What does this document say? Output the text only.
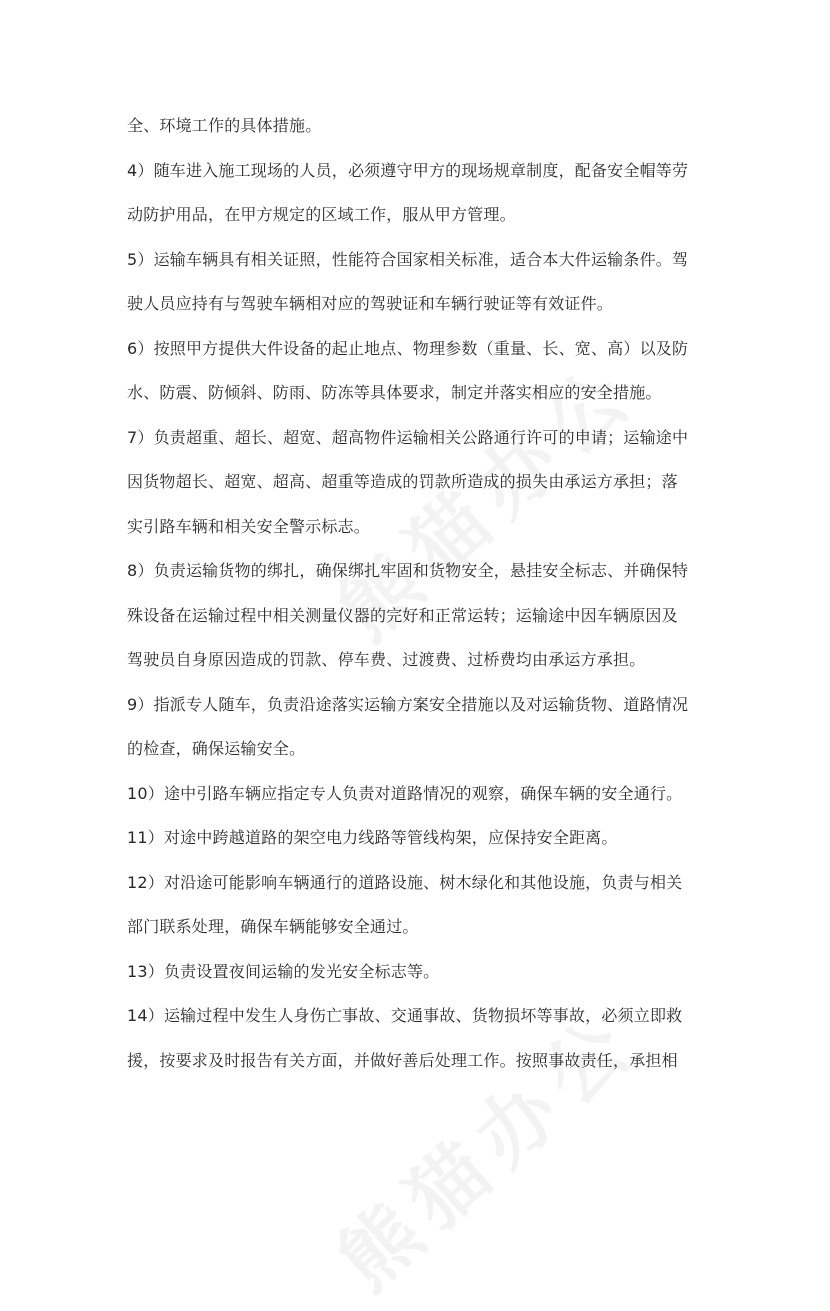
全、环境工作的具体措施。
4）随车进入施工现场的人员，必须遵守甲方的现场规章制度，配备安全帽等劳
动防护用品，在甲方规定的区域工作，服从甲方管理。
5）运输车辆具有相关证照，性能符合国家相关标准，适合本大件运输条件。驾
驶人员应持有与驾驶车辆相对应的驾驶证和车辆行驶证等有效证件。
6）按照甲方提供大件设备的起止地点、物理参数（重量、长、宽、高）以及防
水、防震、防倾斜、防雨、防冻等具体要求，制定并落实相应的安全措施。
7）负责超重、超长、超宽、超高物件运输相关公路通行许可的申请；运输途中
因货物超长、超宽、超高、超重等造成的罚款所造成的损失由承运方承担；落
实引路车辆和相关安全警示标志。
8）负责运输货物的绑扎，确保绑扎牢固和货物安全，悬挂安全标志、并确保特
殊设备在运输过程中相关测量仪器的完好和正常运转；运输途中因车辆原因及
驾驶员自身原因造成的罚款、停车费、过渡费、过桥费均由承运方承担。
9）指派专人随车，负责沿途落实运输方案安全措施以及对运输货物、道路情况
的检查，确保运输安全。
10）途中引路车辆应指定专人负责对道路情况的观察，确保车辆的安全通行。
11）对途中跨越道路的架空电力线路等管线构架，应保持安全距离。
12）对沿途可能影响车辆通行的道路设施、树木绿化和其他设施，负责与相关
部门联系处理，确保车辆能够安全通过。
13）负责设置夜间运输的发光安全标志等。
14）运输过程中发生人身伤亡事故、交通事故、货物损坏等事故，必须立即救
援，按要求及时报告有关方面，并做好善后处理工作。按照事故责任，承担相
